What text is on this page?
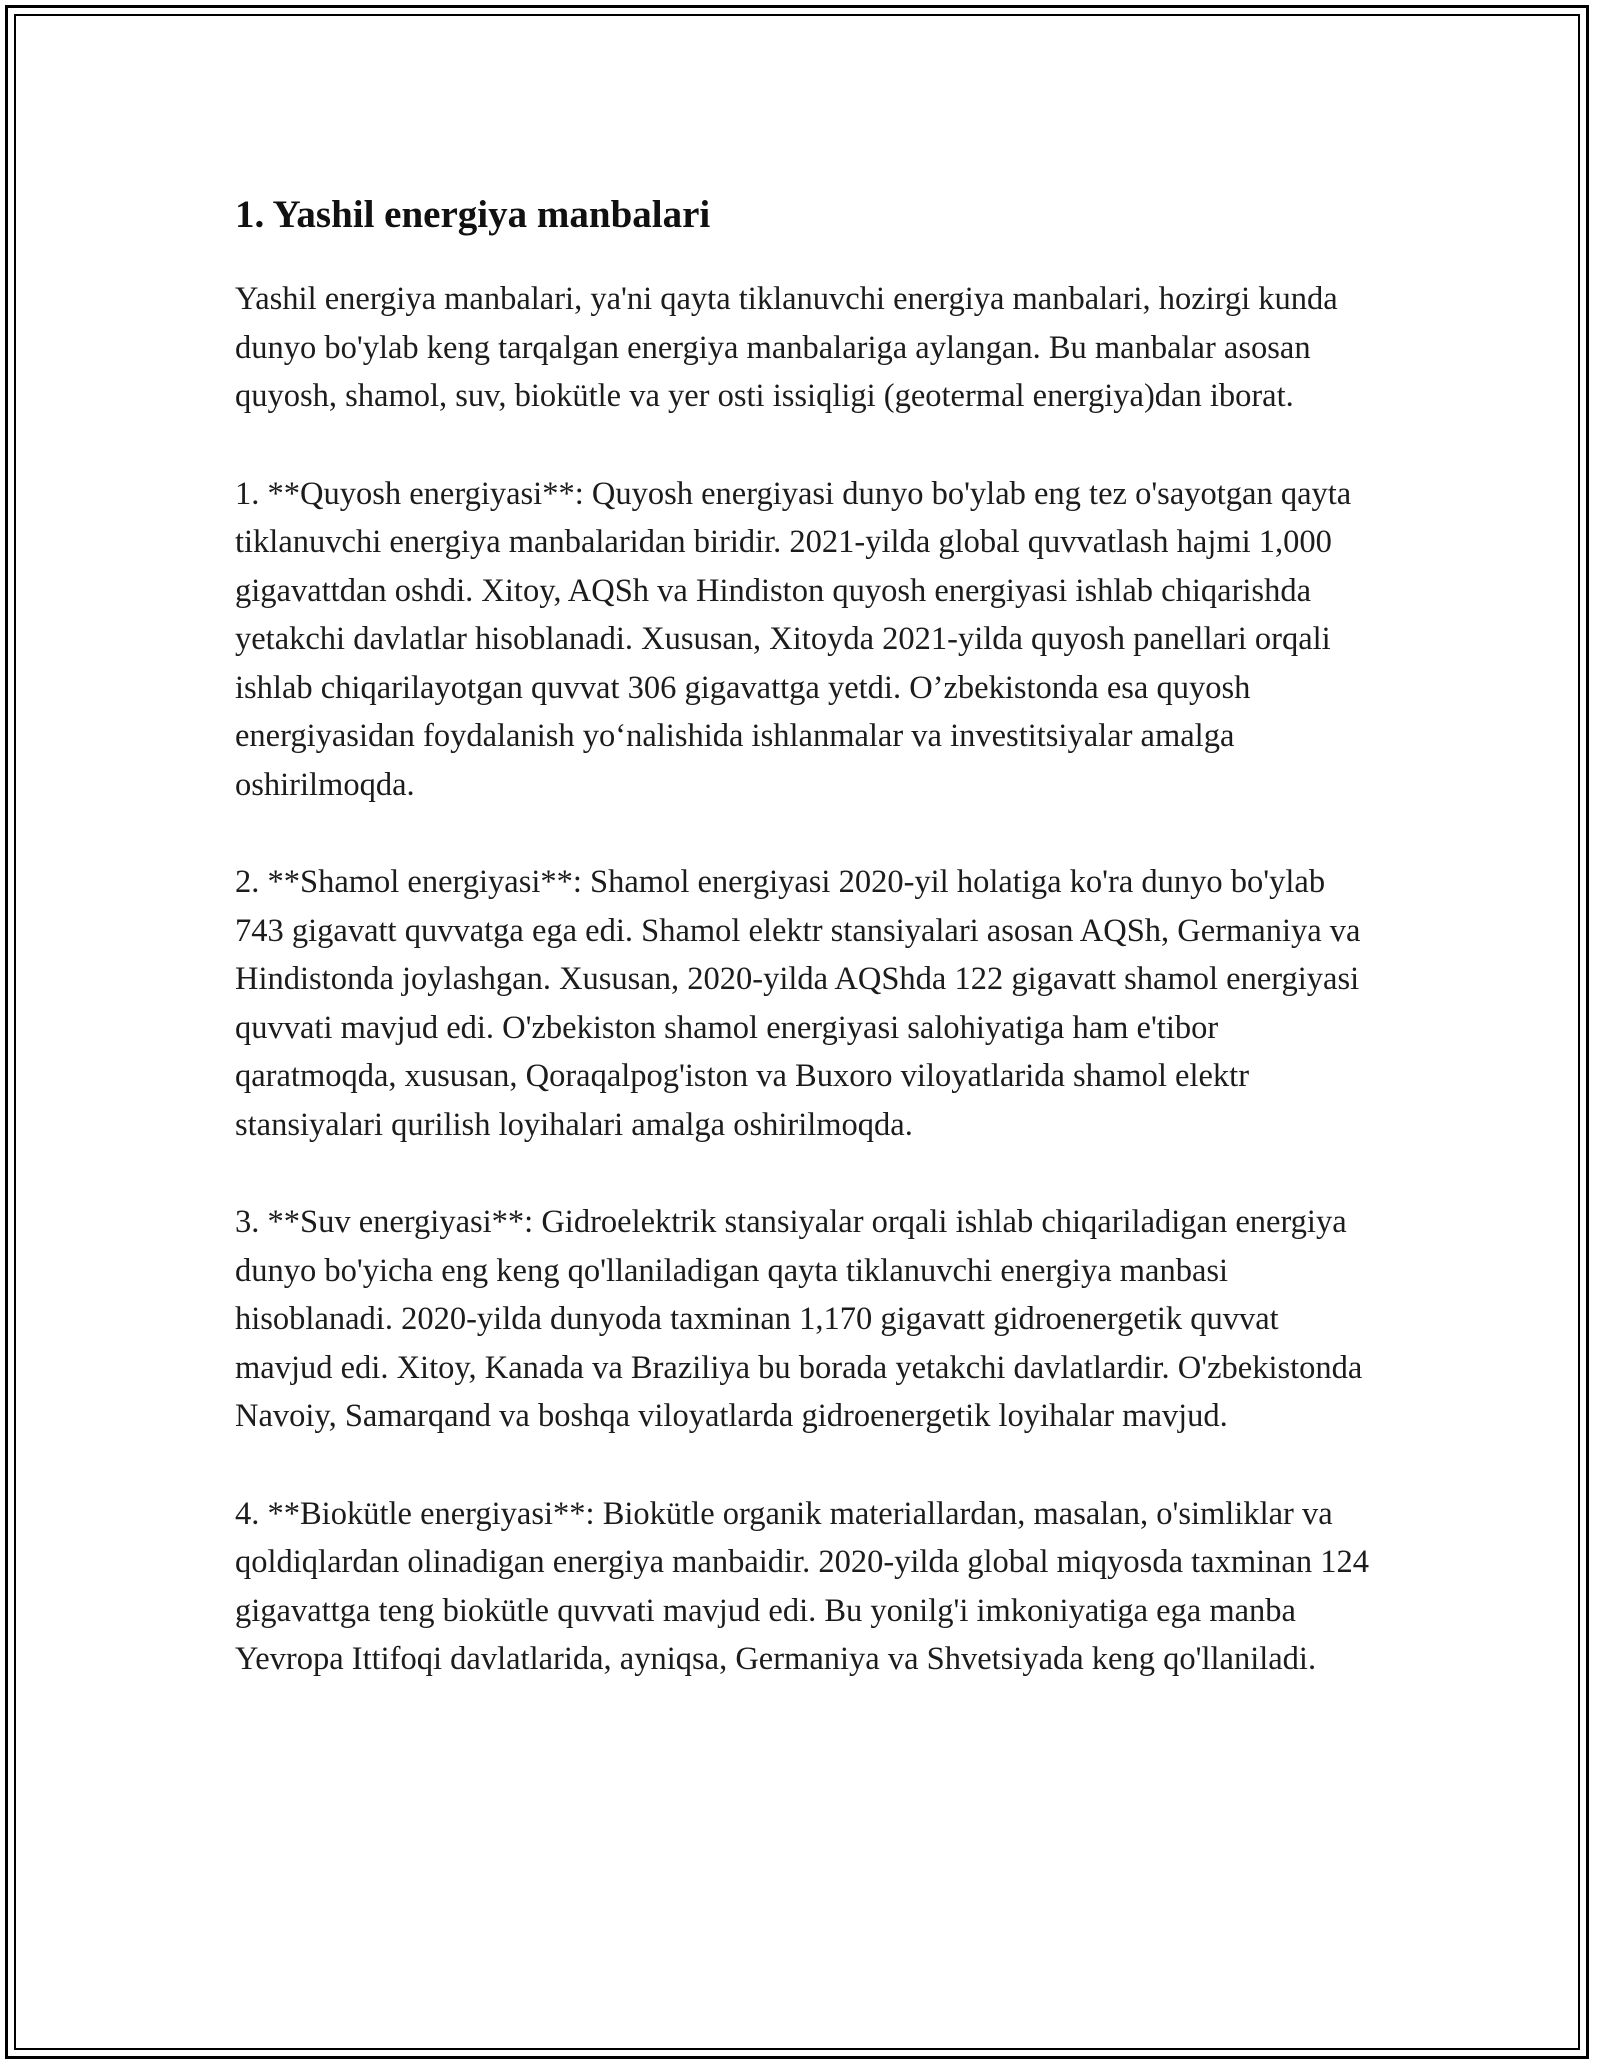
1. Yashil energiya manbalari

Yashil energiya manbalari, ya'ni qayta tiklanuvchi energiya manbalari, hozirgi kunda dunyo bo'ylab keng tarqalgan energiya manbalariga aylangan. Bu manbalar asosan quyosh, shamol, suv, biokütle va yer osti issiqligi (geotermal energiya)dan iborat.

1. **Quyosh energiyasi**: Quyosh energiyasi dunyo bo'ylab eng tez o'sayotgan qayta tiklanuvchi energiya manbalaridan biridir. 2021-yilda global quvvatlash hajmi 1,000 gigavattdan oshdi. Xitoy, AQSh va Hindiston quyosh energiyasi ishlab chiqarishda yetakchi davlatlar hisoblanadi. Xususan, Xitoyda 2021-yilda quyosh panellari orqali ishlab chiqarilayotgan quvvat 306 gigavattga yetdi. O’zbekistonda esa quyosh energiyasidan foydalanish yo‘nalishida ishlanmalar va investitsiyalar amalga oshirilmoqda.

2. **Shamol energiyasi**: Shamol energiyasi 2020-yil holatiga ko'ra dunyo bo'ylab 743 gigavatt quvvatga ega edi. Shamol elektr stansiyalari asosan AQSh, Germaniya va Hindistonda joylashgan. Xususan, 2020-yilda AQShda 122 gigavatt shamol energiyasi quvvati mavjud edi. O'zbekiston shamol energiyasi salohiyatiga ham e'tibor qaratmoqda, xususan, Qoraqalpog'iston va Buxoro viloyatlarida shamol elektr stansiyalari qurilish loyihalari amalga oshirilmoqda.

3. **Suv energiyasi**: Gidroelektrik stansiyalar orqali ishlab chiqariladigan energiya dunyo bo'yicha eng keng qo'llaniladigan qayta tiklanuvchi energiya manbasi hisoblanadi. 2020-yilda dunyoda taxminan 1,170 gigavatt gidroenergetik quvvat mavjud edi. Xitoy, Kanada va Braziliya bu borada yetakchi davlatlardir. O'zbekistonda Navoiy, Samarqand va boshqa viloyatlarda gidroenergetik loyihalar mavjud.

4. **Biokütle energiyasi**: Biokütle organik materiallardan, masalan, o'simliklar va qoldiqlardan olinadigan energiya manbaidir. 2020-yilda global miqyosda taxminan 124 gigavattga teng biokütle quvvati mavjud edi. Bu yonilg'i imkoniyatiga ega manba Yevropa Ittifoqi davlatlarida, ayniqsa, Germaniya va Shvetsiyada keng qo'llaniladi.
